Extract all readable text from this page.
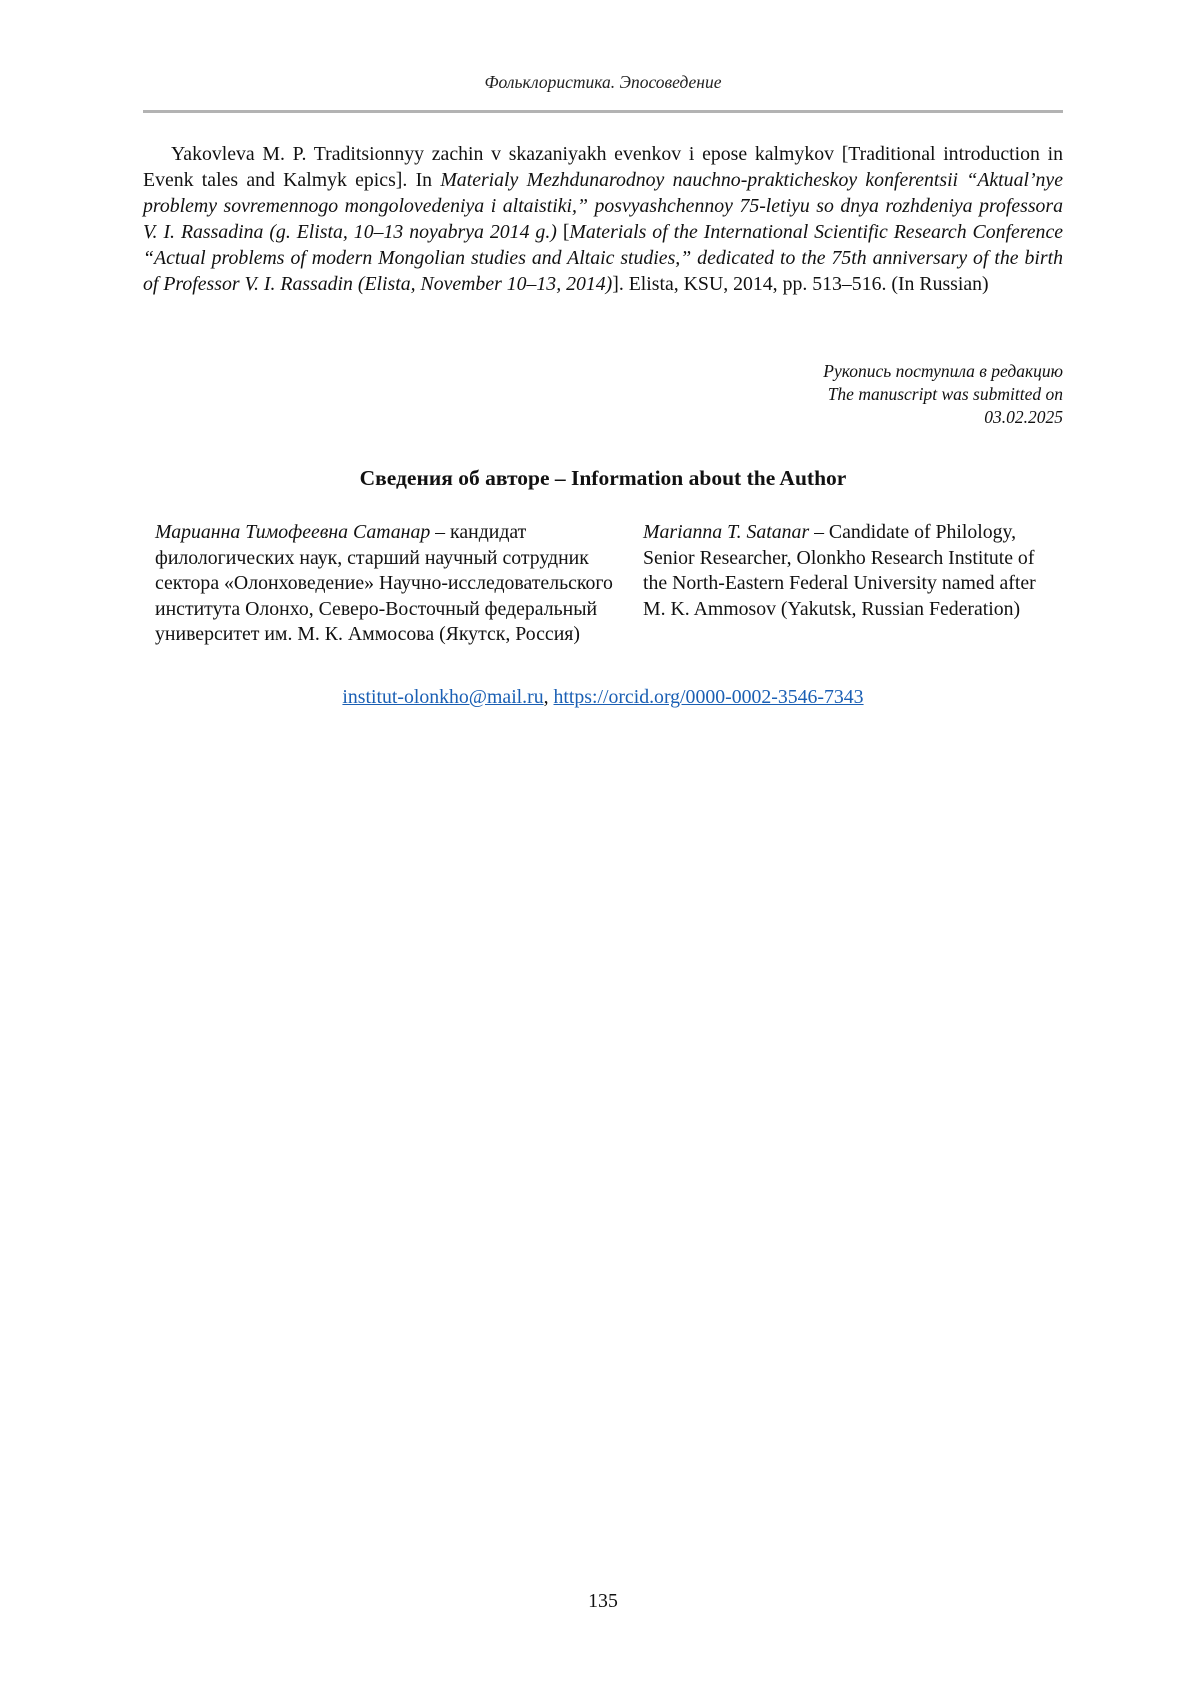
Фольклористика. Эпосоведение
Yakovleva M. P. Traditsionnyy zachin v skazaniyakh evenkov i epose kalmykov [Traditional introduction in Evenk tales and Kalmyk epics]. In Materialy Mezhdunarodnoy nauchno-prakticheskoy konferentsii “Aktual’nye problemy sovremennogo mongolovedeniya i altaistiki,” posvyashchennoy 75-letiyu so dnya rozhdeniya professora V. I. Rassadina (g. Elista, 10–13 noyabrya 2014 g.) [Materials of the International Scientific Research Conference “Actual problems of modern Mongolian studies and Altaic studies,” dedicated to the 75th anniversary of the birth of Professor V. I. Rassadin (Elista, November 10–13, 2014)]. Elista, KSU, 2014, pp. 513–516. (In Russian)
Рукопись поступила в редакцию
The manuscript was submitted on
03.02.2025
Сведения об авторе – Information about the Author
Марианна Тимофеевна Сатанар – кандидат филологических наук, старший научный сотрудник сектора «Олонховедение» Научно-исследовательского института Олонхо, Северо-Восточный федеральный университет им. М. К. Аммосова (Якутск, Россия)
Marianna T. Satanar – Candidate of Philology, Senior Researcher, Olonkho Research Institute of the North-Eastern Federal University named after M. K. Ammosov (Yakutsk, Russian Federation)
institut-olonkho@mail.ru, https://orcid.org/0000-0002-3546-7343
135
